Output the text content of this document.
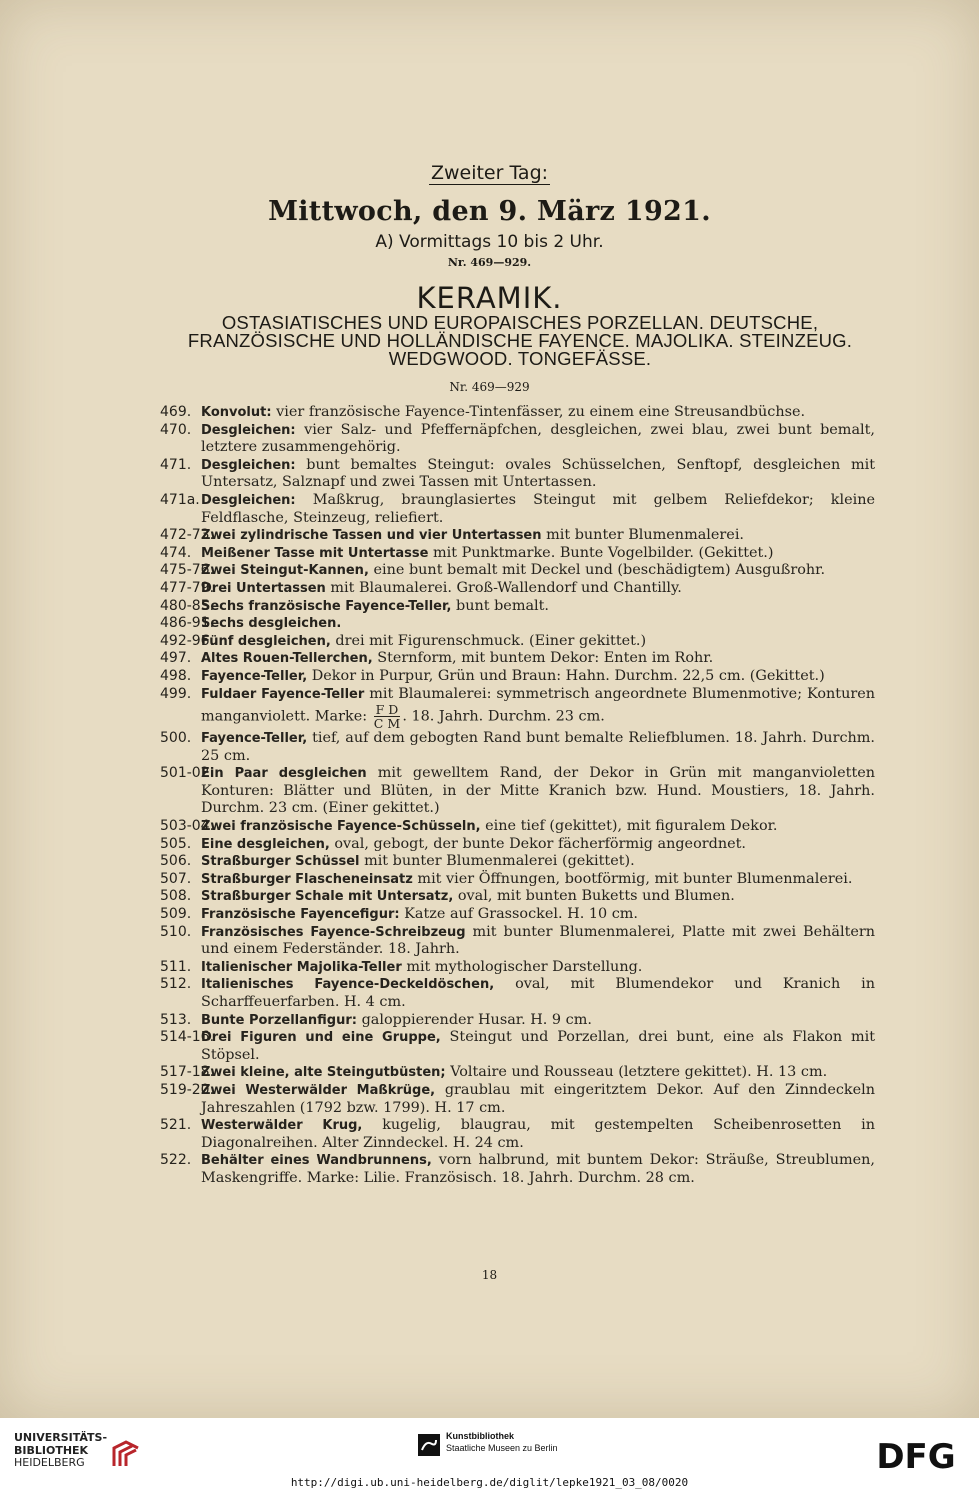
Zweiter Tag:
Mittwoch, den 9. März 1921.
A) Vormittags 10 bis 2 Uhr.
Nr. 469—929.
KERAMIK.
OSTASIATISCHES UND EUROPAISCHES PORZELLAN. DEUTSCHE, FRANZÖSISCHE UND HOLLÄNDISCHE FAYENCE. MAJOLIKA. STEINZEUG. WEDGWOOD. TONGEFÄSSE.
Nr. 469—929
469. Konvolut: vier französische Fayence-Tintenfässer, zu einem eine Streusandbüchse.
470. Desgleichen: vier Salz- und Pfeffernäpfchen, desgleichen, zwei blau, zwei bunt bemalt, letztere zusammengehörig.
471. Desgleichen: bunt bemaltes Steingut: ovales Schüsselchen, Senftopf, desgleichen mit Untersatz, Salznapf und zwei Tassen mit Untertassen.
471a. Desgleichen: Maßkrug, braunglasiertes Steingut mit gelbem Reliefdekor; kleine Feldflasche, Steinzeug, reliefiert.
472-73.
Zwei zylindrische Tassen und vier Untertassen mit bunter Blumenmalerei.
474. Meißener Tasse mit Untertasse mit Punktmarke. Bunte Vogelbilder. (Gekittet.)
475-76.
Zwei Steingut-Kannen, eine bunt bemalt mit Deckel und (beschädigtem) Ausgußrohr.
477-79.
Drei Untertassen mit Blaumalerei. Groß-Wallendorf und Chantilly.
480-85.
Sechs französische Fayence-Teller, bunt bemalt.
486-91.
Sechs desgleichen.
492-96.
Fünf desgleichen, drei mit Figurenschmuck. (Einer gekittet.)
497. Altes Rouen-Tellerchen, Sternform, mit buntem Dekor: Enten im Rohr.
498. Fayence-Teller, Dekor in Purpur, Grün und Braun: Hahn. Durchm. 22,5 cm. (Gekittet.)
499. Fuldaer Fayence-Teller mit Blaumalerei: symmetrisch angeordnete Blumenmotive; Konturen manganviolett. Marke: $\frac{\text{F D}}{\text{C M}}$ . 18. Jahrh. Durchm. 23 cm.
500. Fayence-Teller, tief, auf dem gebogten Rand bunt bemalte Reliefblumen. 18. Jahrh. Durchm. 25 cm.
501-02.
Ein Paar desgleichen mit gewelltem Rand, der Dekor in Grün mit manganvioletten Konturen: Blätter und Blüten, in der Mitte Kranich bzw. Hund. Moustiers, 18. Jahrh. Durchm. 23 cm. (Einer gekittet.)
503-04.
Zwei französische Fayence-Schüsseln, eine tief (gekittet), mit figuralem Dekor.
505. Eine desgleichen, oval, gebogt, der bunte Dekor fächerförmig angeordnet.
506. Straßburger Schüssel mit bunter Blumenmalerei (gekittet).
507. Straßburger Flascheneinsatz mit vier Öffnungen, bootförmig, mit bunter Blumenmalerei.
508. Straßburger Schale mit Untersatz, oval, mit bunten Buketts und Blumen.
509. Französische Fayencefigur: Katze auf Grassockel. H. 10 cm.
510. Französisches Fayence-Schreibzeug mit bunter Blumenmalerei, Platte mit zwei Behältern und einem Federständer. 18. Jahrh.
511. Italienischer Majolika-Teller mit mythologischer Darstellung.
512. Italienisches Fayence-Deckeldöschen, oval, mit Blumendekor und Kranich in Scharffeuerfarben. H. 4 cm.
513. Bunte Porzellanfigur: galoppierender Husar. H. 9 cm.
514-16.
Drei Figuren und eine Gruppe, Steingut und Porzellan, drei bunt, eine als Flakon mit Stöpsel.
517-18.
Zwei kleine, alte Steingutbüsten; Voltaire und Rousseau (letztere gekittet). H. 13 cm.
519-20.
Zwei Westerwälder Maßkrüge, graublau mit eingeritztem Dekor. Auf den Zinndeckeln Jahreszahlen (1792 bzw. 1799). H. 17 cm.
521. Westerwälder Krug, kugelig, blaugrau, mit gestempelten Scheibenrosetten in Diagonalreihen. Alter Zinndeckel. H. 24 cm.
522. Behälter eines Wandbrunnens, vorn halbrund, mit buntem Dekor: Sträuße, Streublumen, Maskengriffe. Marke: Lilie. Französisch. 18. Jahrh. Durchm. 28 cm.
18
UNIVERSITÄTS-
BIBLIOTHEK
HEIDELBERG
Kunstbibliothek
Staatliche Museen zu Berlin	DFG
http://digi.ub.uni-heidelberg.de/diglit/lepke1921_03_08/0020
